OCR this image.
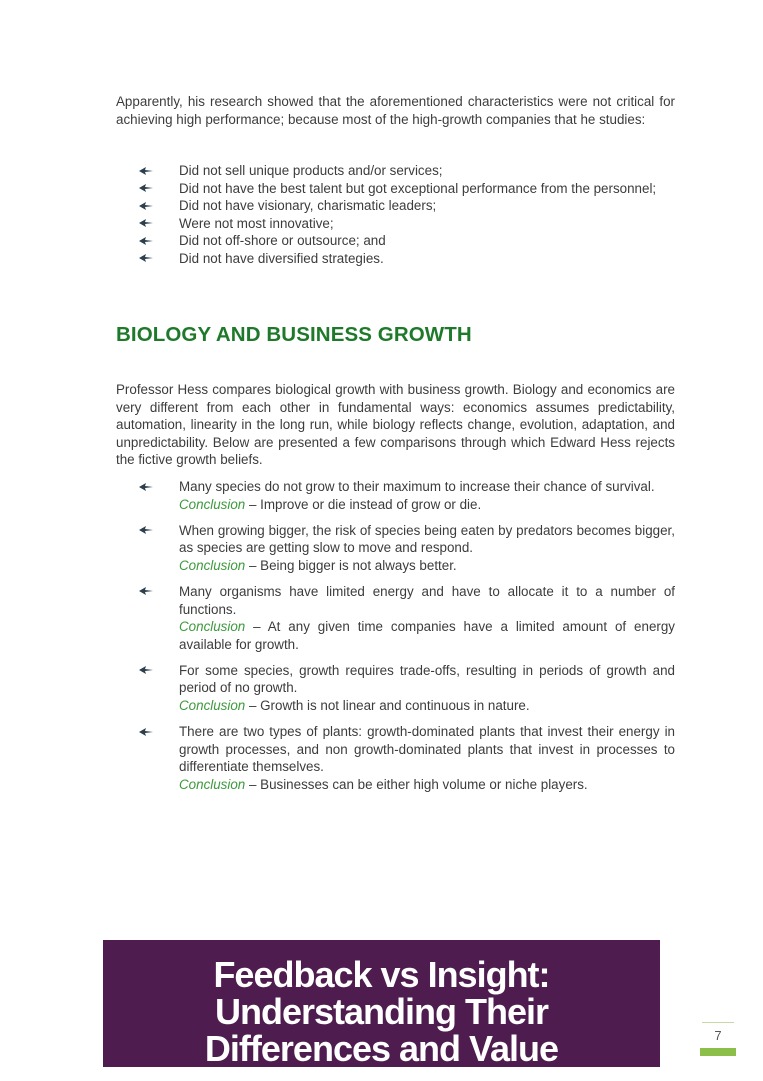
Apparently, his research showed that the aforementioned characteristics were not critical for achieving high performance; because most of the high-growth companies that he studies:

Did not sell unique products and/or services;
Did not have the best talent but got exceptional performance from the personnel;
Did not have visionary, charismatic leaders;
Were not most innovative;
Did not off-shore or outsource; and
Did not have diversified strategies.
BIOLOGY AND BUSINESS GROWTH

Professor Hess compares biological growth with business growth. Biology and economics are very different from each other in fundamental ways: economics assumes predictability, automation, linearity in the long run, while biology reflects change, evolution, adaptation, and unpredictability. Below are presented a few comparisons through which Edward Hess rejects the fictive growth beliefs.

Many species do not grow to their maximum to increase their chance of survival.
Conclusion – Improve or die instead of grow or die.
When growing bigger, the risk of species being eaten by predators becomes bigger, as species are getting slow to move and respond.
Conclusion – Being bigger is not always better.
Many organisms have limited energy and have to allocate it to a number of functions.
Conclusion – At any given time companies have a limited amount of energy available for growth.
For some species, growth requires trade-offs, resulting in periods of growth and period of no growth.
Conclusion – Growth is not linear and continuous in nature.
There are two types of plants: growth-dominated plants that invest their energy in growth processes, and non growth-dominated plants that invest in processes to differentiate themselves.
Conclusion – Businesses can be either high volume or niche players.
Feedback vs Insight:
Understanding Their
Differences and Value	7
